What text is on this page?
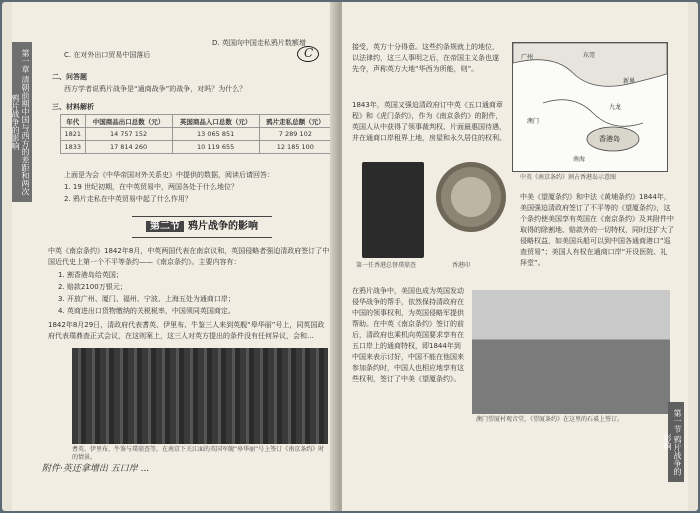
第一章 清朝前期中国与西方的差距和两次鸦片战争的影响
C. 在对外出口贸易中国落后
D. 英国向中国走私鸦片数额增
C
二、问答题
西方学者说鸦片战争是“通商战争”的战争，对吗？为什么？
三、材料解析
年代	中国商品出口总数（元）	英国商品入口总数（元）	鸦片走私总额（元）
1821	14 757 152	13 065 851	7 289 102
1833	17 814 260	10 119 655	12 185 100
上面是为会《中华帝国对外关系史》中提供的数据，阅读后请回答：
1. 19 世纪初期，在中英贸易中，两国各处于什么地位？
2. 鸦片走私在中英贸易中起了什么作用？
第二节 鸦片战争的影响
中英《南京条约》1842年8月，中英两国代表在南京议和，英国侵略者强迫清政府签订了中国近代史上第一个不平等条约——《南京条约》。主要内容有：
1. 割香港岛给英国；
2. 赔款2100万银元；
3. 开放广州、厦门、福州、宁波、上海五处为通商口岸；
4. 英商进出口货物缴纳的关税税率，中国须同英国商定。
1842年8月29日，清政府代表耆英、伊里布、牛鉴三人来到英舰“皋华丽”号上，同英国政府代表璞鼎查正式会议，在这则案上，这三人对英方提出的条件没有任何异议，会和...
耆英、伊里布、牛鉴与璞鼎查等，在南京下关江面的英国军舰“皋华丽”号上签订《南京条约》时的情景。
附件·英还拿增出 五口岸 ...
接受，英方十分得意。这些约条规就上的地位，以法律约，这三人事明之后，在帝国主义条也遂先夺，声称英方大地“华西为所能，则”。
1843年，英国又强迫清政府订中英《五口通商章程》和《虎门条约》，作为《南京条约》的附件，英国人从中获得了领事裁判权、片面最惠国待遇，并在通商口岸租界上地，房屋和永久居住的权利。
第一任香港总督璞鼎查	香港印
广州	东莞
九龙
香港岛
新界
澳门
南海
中英《南京条约》割占香港岛示意图
中美《望厦条约》和中法《黄埔条约》1844年，美国强迫清政府签订了不平等的《望厦条约》，这个条约使美国享有英国在《南京条约》及其附件中取得的除割地、赔款外的一切特权，同时还扩大了侵略权益，如美国兵船可以到中国各通商港口“巡查贸易”；美国人有权在通商口岸“开设医院、礼拜堂”。
在鸦片战争中，美国也成为英国发动侵华战争的帮手，依然保持清政府在中国的领事权利，为英国侵略军提供帮助。在中英《南京条约》签订的前后，清政府也乘机向英国要求享有在五口岸上的通商特权，即1844年到中国来表示讨好，中国不能在他国来参加条约时，中国人也相应地享有这些权利，签订了中美《望厦条约》。
澳门望厦村观音堂，《望厦条约》在这里的石桌上签订。	第一节 鸦片战争的影响
